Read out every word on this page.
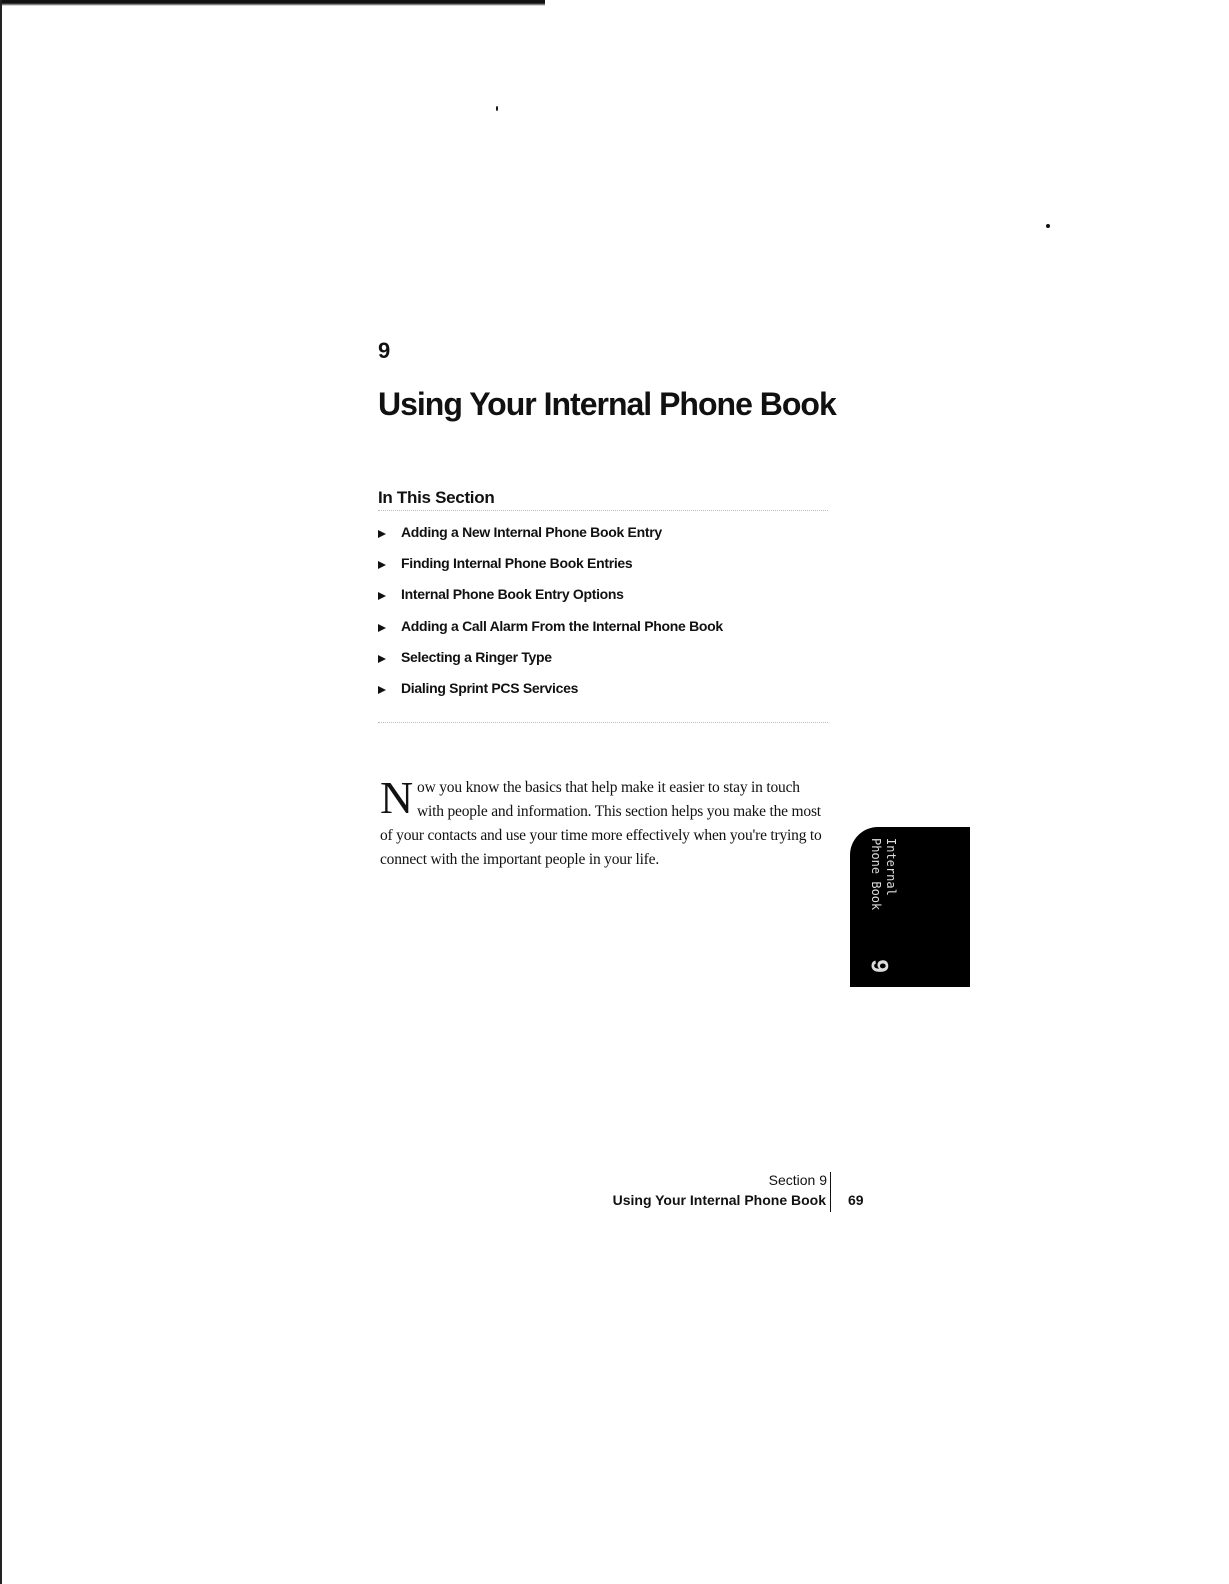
9
Using Your Internal Phone Book
In This Section
Adding a New Internal Phone Book Entry
Finding Internal Phone Book Entries
Internal Phone Book Entry Options
Adding a Call Alarm From the Internal Phone Book
Selecting a Ringer Type
Dialing Sprint PCS Services

N ow you know the basics that help make it easier to stay in touch with people and information. This section helps you make the most of your contacts and use your time more effectively when you're trying to connect with the important people in your life.	Internal
Phone Book
9
Section 9
Using Your Internal Phone Book 69
